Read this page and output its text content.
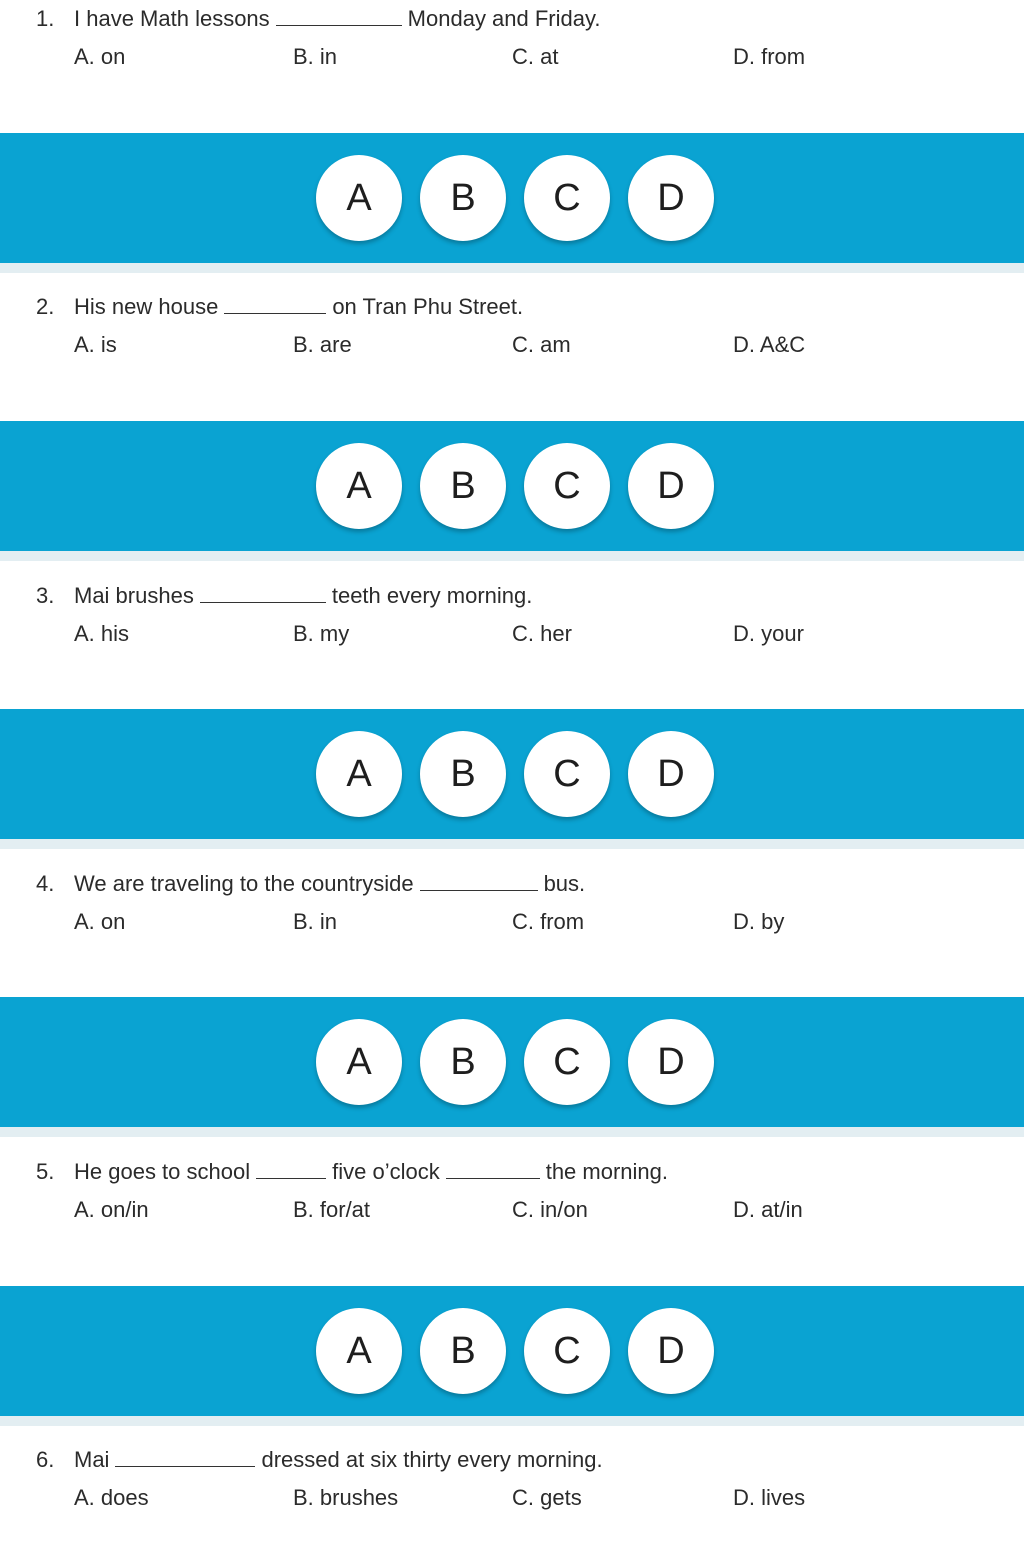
1. I have Math lessons	Monday and Friday.
A. on	B. in	C. at	D. from
A	B	C	D
2. His new house	on Tran Phu Street.
A. is	B. are	C. am	D. A&C
A	B	C	D
3. Mai brushes	teeth every morning.
A. his	B. my	C. her	D. your
A	B	C	D
4. We are traveling to the countryside	bus.
A. on	B. in	C. from	D. by
A	B	C	D
5. He goes to school	five o’clock	the morning.
A. on/in	B. for/at	C. in/on	D. at/in
A	B	C	D
6. Mai	dressed at six thirty every morning.
A. does	B. brushes	C. gets	D. lives
